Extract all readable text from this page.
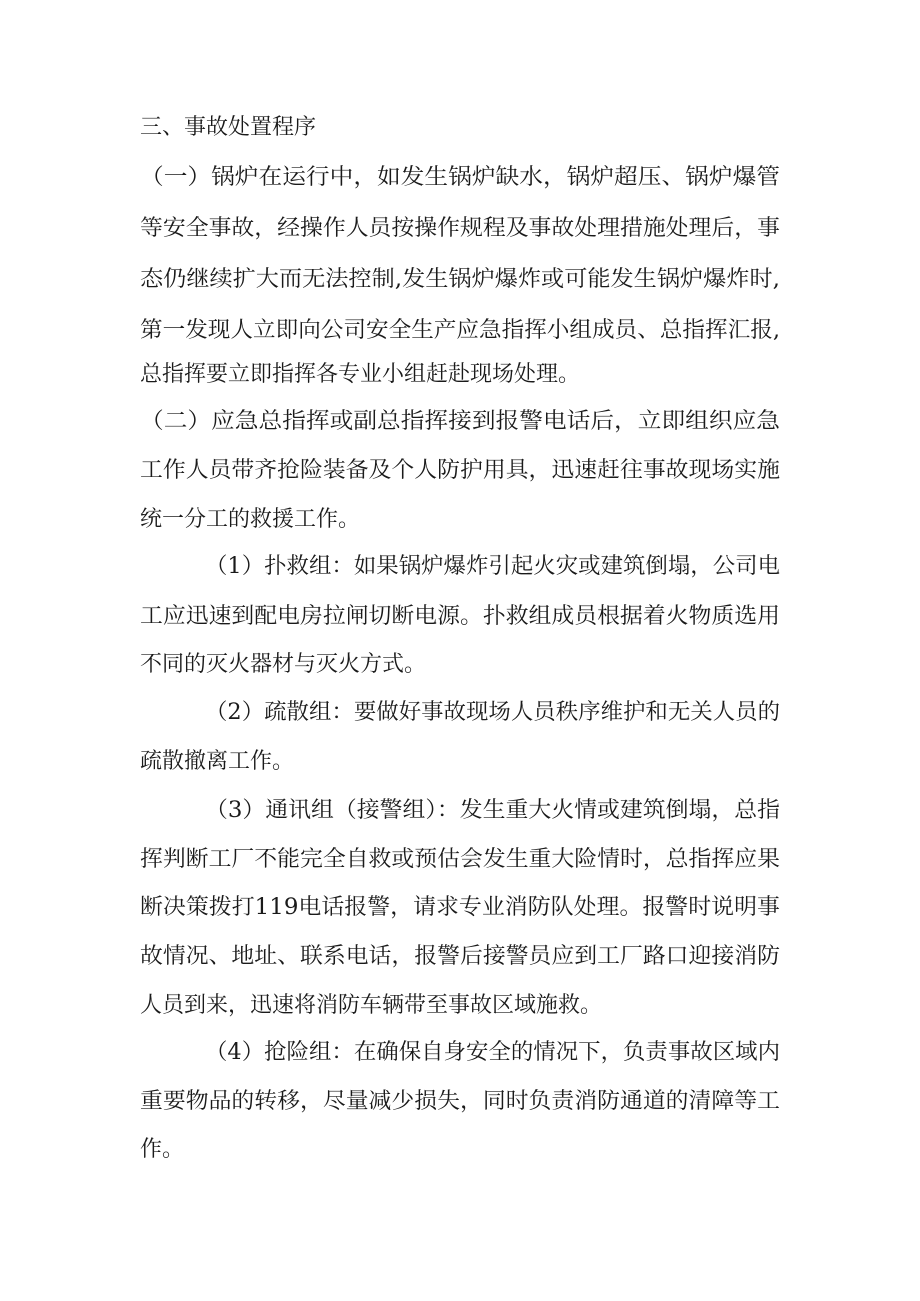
三、事故处置程序
（一）锅炉在运行中，如发生锅炉缺水，锅炉超压、锅炉爆管
等安全事故，经操作人员按操作规程及事故处理措施处理后，事
态仍继续扩大而无法控制,发生锅炉爆炸或可能发生锅炉爆炸时,
第一发现人立即向公司安全生产应急指挥小组成员、总指挥汇报,
总指挥要立即指挥各专业小组赶赴现场处理。
（二）应急总指挥或副总指挥接到报警电话后，立即组织应急
工作人员带齐抢险装备及个人防护用具，迅速赶往事故现场实施
统一分工的救援工作。
（1）扑救组：如果锅炉爆炸引起火灾或建筑倒塌，公司电
工应迅速到配电房拉闸切断电源。扑救组成员根据着火物质选用
不同的灭火器材与灭火方式。
（2）疏散组：要做好事故现场人员秩序维护和无关人员的
疏散撤离工作。
（3）通讯组（接警组）：发生重大火情或建筑倒塌，总指
挥判断工厂不能完全自救或预估会发生重大险情时，总指挥应果
断决策拨打119电话报警，请求专业消防队处理。报警时说明事
故情况、地址、联系电话，报警后接警员应到工厂路口迎接消防
人员到来，迅速将消防车辆带至事故区域施救。
（4）抢险组：在确保自身安全的情况下，负责事故区域内
重要物品的转移，尽量减少损失，同时负责消防通道的清障等工
作。
